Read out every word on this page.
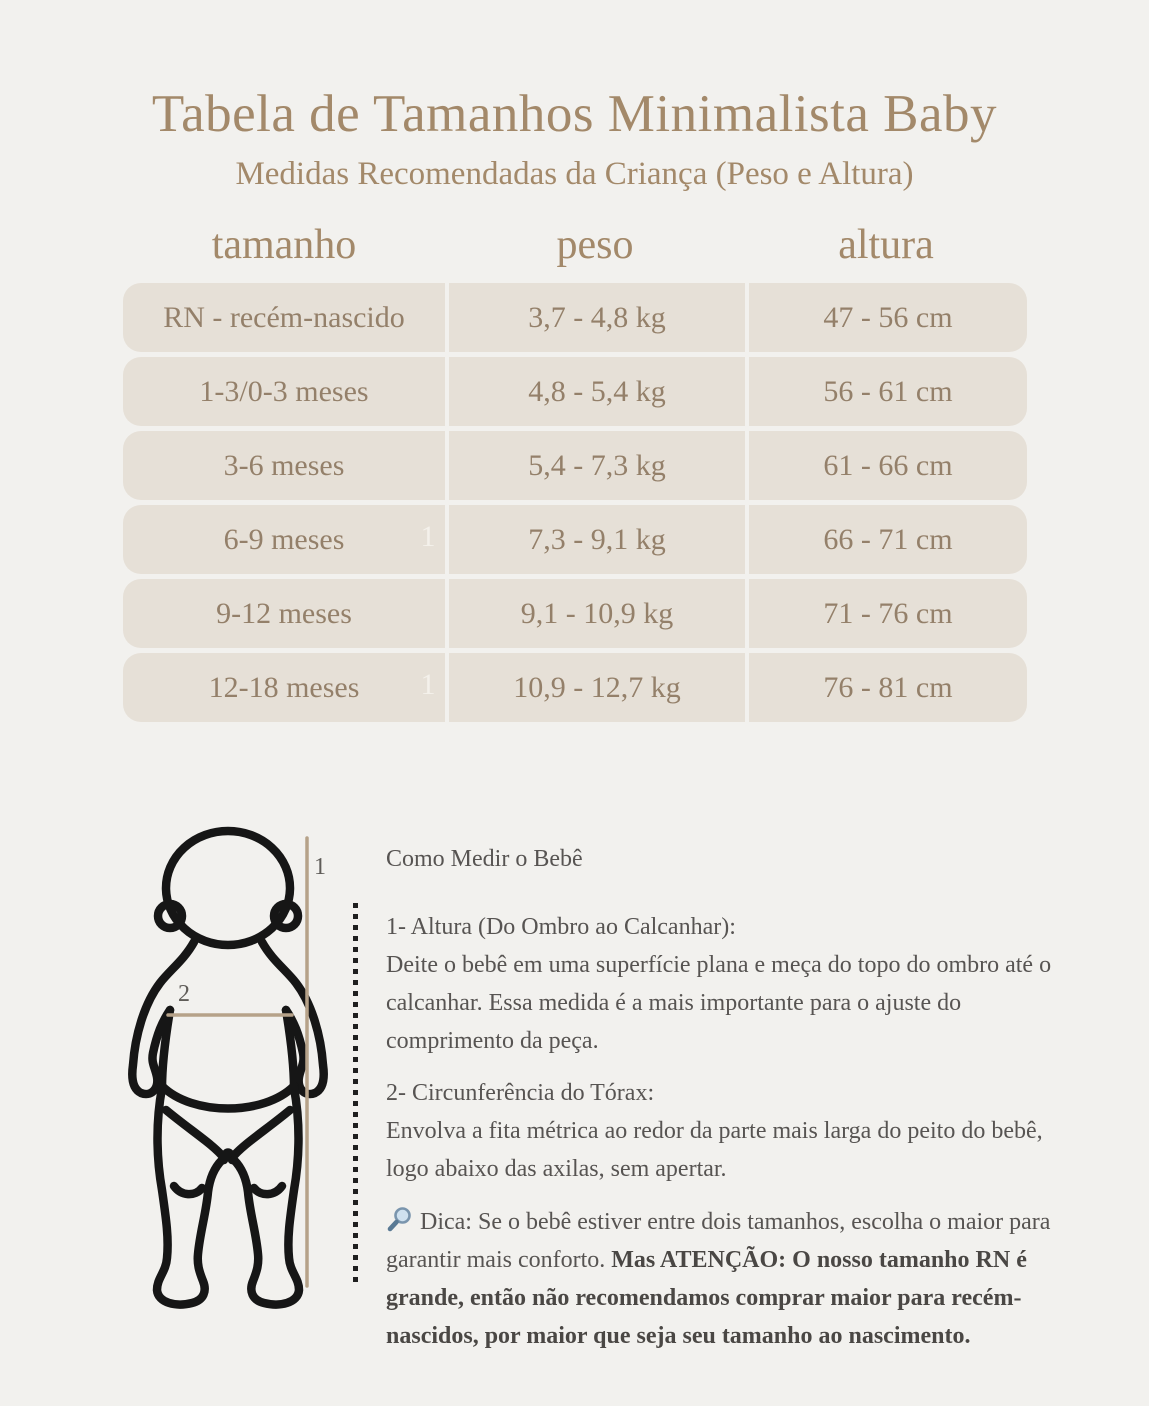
Tabela de Tamanhos Minimalista Baby
Medidas Recomendadas da Criança (Peso e Altura)
tamanho	peso	altura
RN - recém-nascido	3,7 - 4,8 kg	47 - 56 cm
1-3/0-3 meses	4,8 - 5,4 kg	56 - 61 cm
3-6 meses	5,4 - 7,3 kg	61 - 66 cm
6-9 meses	7,3 - 9,1 kg	66 - 71 cm
9-12 meses	9,1 - 10,9 kg	71 - 76 cm
12-18 meses	10,9 - 12,7 kg	76 - 81 cm
1
1
1
2

Como Medir o Bebê

1- Altura (Do Ombro ao Calcanhar):
Deite o bebê em uma superfície plana e meça do topo do ombro até o calcanhar. Essa medida é a mais importante para o ajuste do comprimento da peça.

2- Circunferência do Tórax:
Envolva a fita métrica ao redor da parte mais larga do peito do bebê, logo abaixo das axilas, sem apertar.

Dica: Se o bebê estiver entre dois tamanhos, escolha o maior para garantir mais conforto. Mas ATENÇÃO: O nosso tamanho RN é grande, então não recomendamos comprar maior para recém-nascidos, por maior que seja seu tamanho ao nascimento.
